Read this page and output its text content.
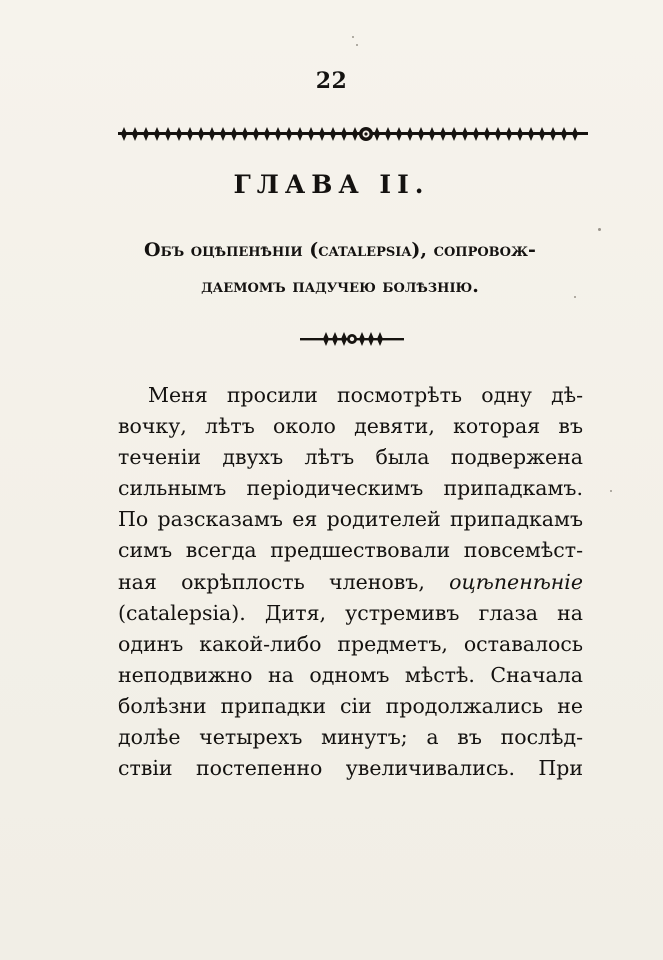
22
ГЛАВА II.
Объ оцѣпенѣніи (catalepsia), сопровож-
даемомъ падучею болѣзнію.
Меня просили посмотрѣть одну дѣ-
вочку, лѣтъ около девяти, которая въ
теченіи двухъ лѣтъ была подвержена
сильнымъ періодическимъ припадкамъ.
По разсказамъ ея родителей припадкамъ
симъ всегда предшествовали повсемѣст-
ная окрѣплость членовъ, оцѣпенѣніе
(catalepsia). Дитя, устремивъ глаза на
одинъ какой-либо предметъ, оставалось
неподвижно на одномъ мѣстѣ. Сначала
болѣзни припадки сіи продолжались не
долѣе четырехъ минутъ; а въ послѣд-
ствіи постепенно увеличивались. При
